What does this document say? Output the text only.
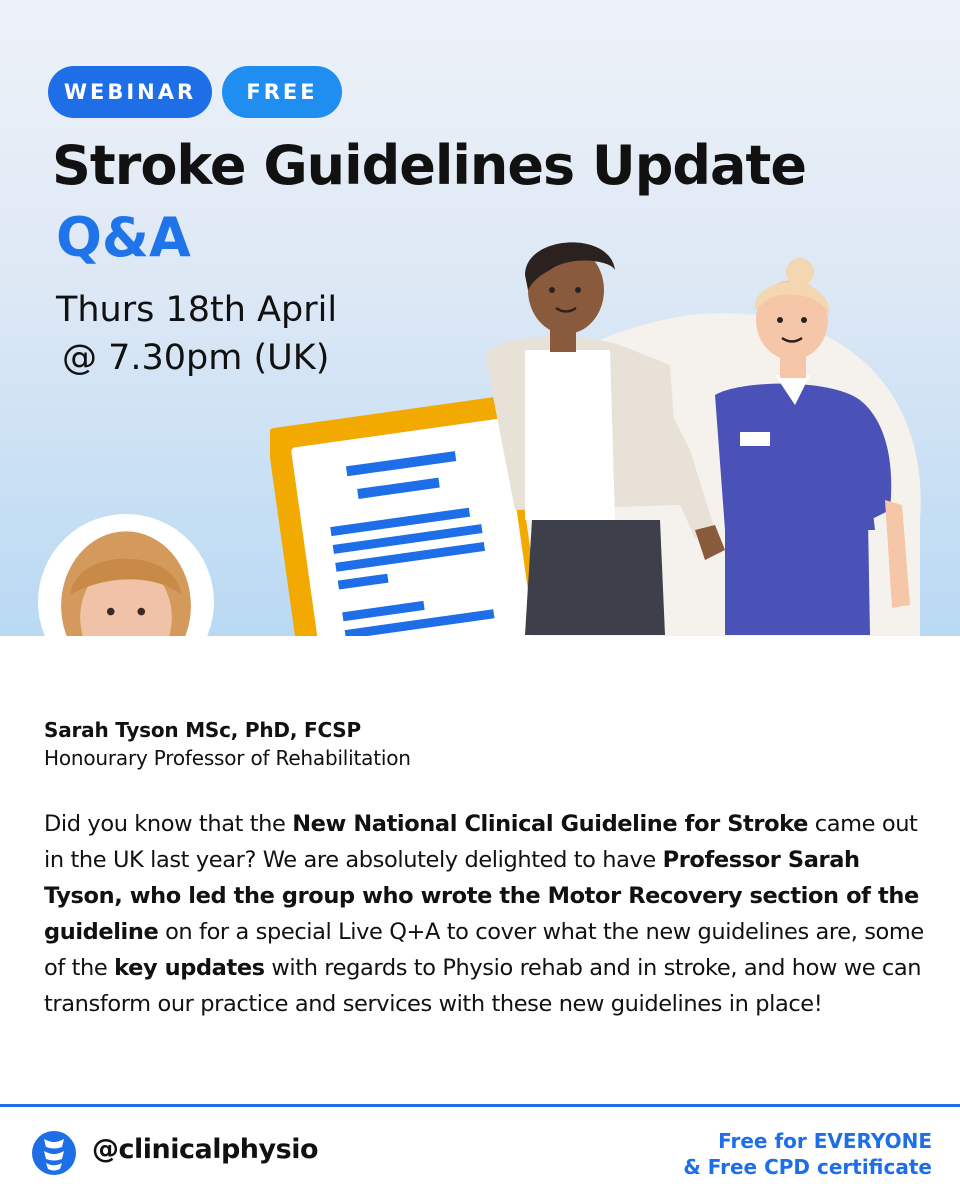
WEBINAR	FREE
Stroke Guidelines Update
Q&A
Thurs 18th April
@ 7.30pm (UK)
Sarah Tyson MSc, PhD, FCSP
Honourary Professor of Rehabilitation

Did you know that the New National Clinical Guideline for Stroke came out in the UK last year? We are absolutely delighted to have Professor Sarah Tyson, who led the group who wrote the Motor Recovery section of the guideline on for a special Live Q+A to cover what the new guidelines are, some of the key updates with regards to Physio rehab and in stroke, and how we can transform our practice and services with these new guidelines in place!

@clinicalphysio	Free for EVERYONE
& Free CPD certificate
